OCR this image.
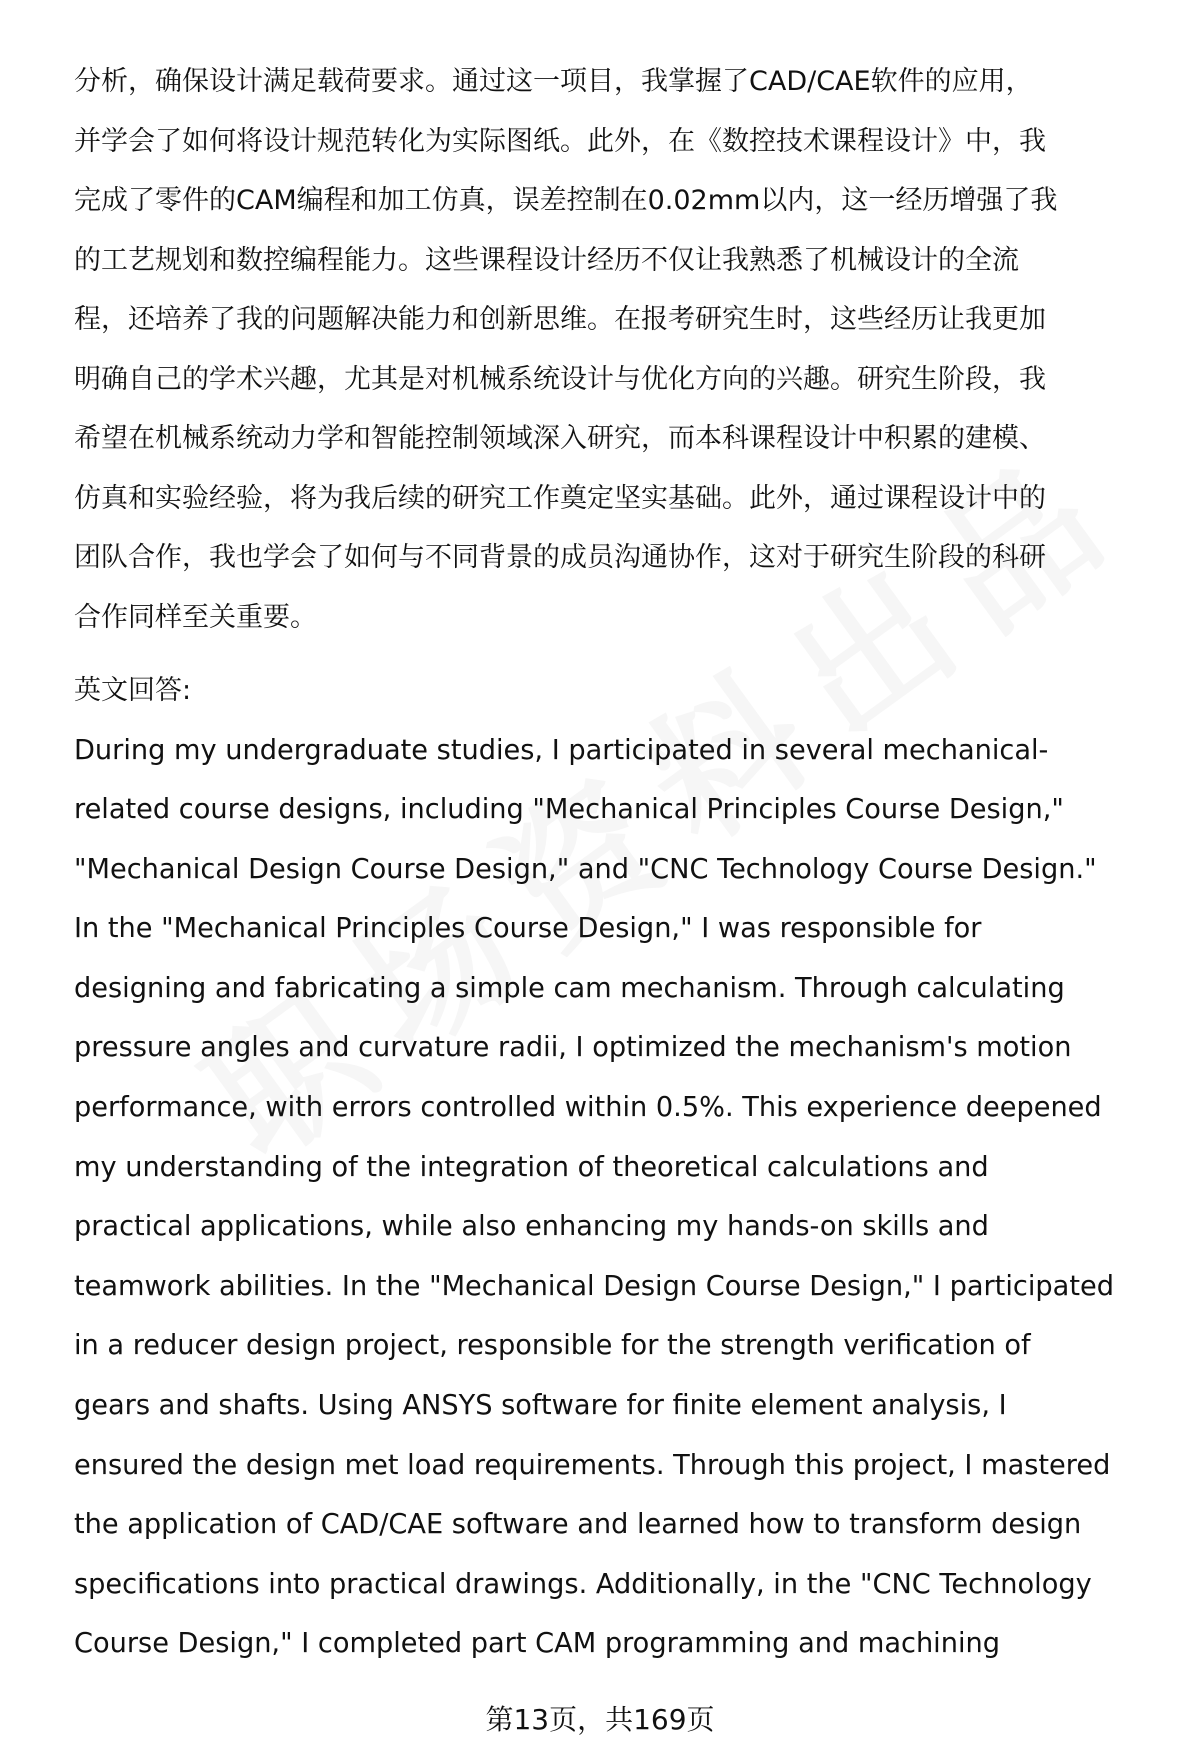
分析，确保设计满足载荷要求。通过这一项目，我掌握了CAD/CAE软件的应用，
并学会了如何将设计规范转化为实际图纸。此外，在《数控技术课程设计》中，我
完成了零件的CAM编程和加工仿真，误差控制在0.02mm以内，这一经历增强了我
的工艺规划和数控编程能力。这些课程设计经历不仅让我熟悉了机械设计的全流
程，还培养了我的问题解决能力和创新思维。在报考研究生时，这些经历让我更加
明确自己的学术兴趣，尤其是对机械系统设计与优化方向的兴趣。研究生阶段，我
希望在机械系统动力学和智能控制领域深入研究，而本科课程设计中积累的建模、
仿真和实验经验，将为我后续的研究工作奠定坚实基础。此外，通过课程设计中的
团队合作，我也学会了如何与不同背景的成员沟通协作，这对于研究生阶段的科研
合作同样至关重要。

英文回答:

During my undergraduate studies, I participated in several mechanical-
related course designs, including "Mechanical Principles Course Design,"
"Mechanical Design Course Design," and "CNC Technology Course Design."
In the "Mechanical Principles Course Design," I was responsible for
designing and fabricating a simple cam mechanism. Through calculating
pressure angles and curvature radii, I optimized the mechanism's motion
performance, with errors controlled within 0.5%. This experience deepened
my understanding of the integration of theoretical calculations and
practical applications, while also enhancing my hands-on skills and
teamwork abilities. In the "Mechanical Design Course Design," I participated
in a reducer design project, responsible for the strength verification of
gears and shafts. Using ANSYS software for finite element analysis, I
ensured the design met load requirements. Through this project, I mastered
the application of CAD/CAE software and learned how to transform design
specifications into practical drawings. Additionally, in the "CNC Technology
Course Design," I completed part CAM programming and machining

第13页，共169页
